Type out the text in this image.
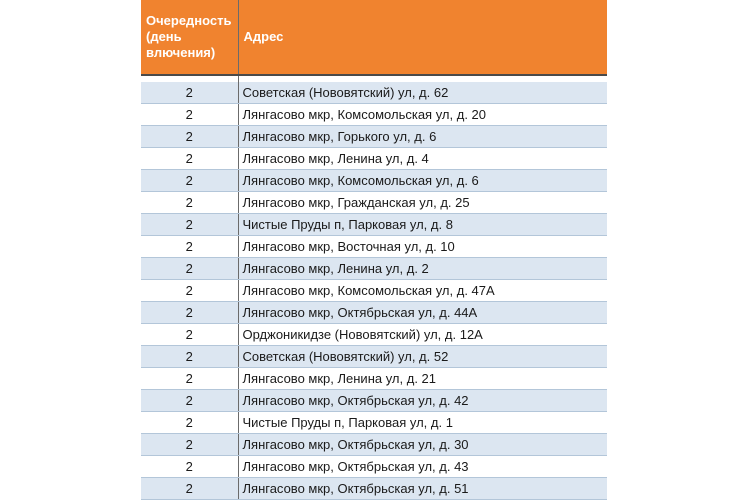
Очередность (день влючения)	Адрес

2	Советская (Нововятский) ул, д. 62
2	Лянгасово мкр, Комсомольская ул, д. 20
2	Лянгасово мкр, Горького ул, д. 6
2	Лянгасово мкр, Ленина ул, д. 4
2	Лянгасово мкр, Комсомольская ул, д. 6
2	Лянгасово мкр, Гражданская ул, д. 25
2	Чистые Пруды п, Парковая ул, д. 8
2	Лянгасово мкр, Восточная ул, д. 10
2	Лянгасово мкр, Ленина ул, д. 2
2	Лянгасово мкр, Комсомольская ул, д. 47А
2	Лянгасово мкр, Октябрьская ул, д. 44А
2	Орджоникидзе (Нововятский) ул, д. 12А
2	Советская (Нововятский) ул, д. 52
2	Лянгасово мкр, Ленина ул, д. 21
2	Лянгасово мкр, Октябрьская ул, д. 42
2	Чистые Пруды п, Парковая ул, д. 1
2	Лянгасово мкр, Октябрьская ул, д. 30
2	Лянгасово мкр, Октябрьская ул, д. 43
2	Лянгасово мкр, Октябрьская ул, д. 51
